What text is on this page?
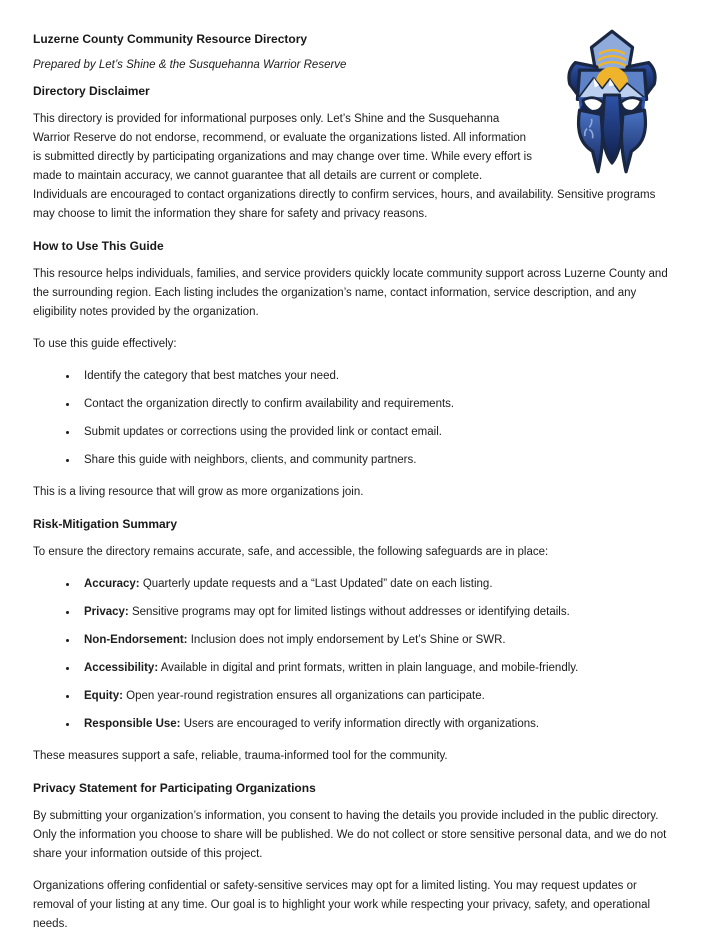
Luzerne County Community Resource Directory

Prepared by Let’s Shine & the Susquehanna Warrior Reserve

Directory Disclaimer

This directory is provided for informational purposes only. Let’s Shine and the Susquehanna Warrior Reserve do not endorse, recommend, or evaluate the organizations listed. All information is submitted directly by participating organizations and may change over time. While every effort is made to maintain accuracy, we cannot guarantee that all details are current or complete. Individuals are encouraged to contact organizations directly to confirm services, hours, and availability. Sensitive programs may choose to limit the information they share for safety and privacy reasons.

How to Use This Guide

This resource helps individuals, families, and service providers quickly locate community support across Luzerne County and the surrounding region. Each listing includes the organization’s name, contact information, service description, and any eligibility notes provided by the organization.

To use this guide effectively:

• Identify the category that best matches your need.
• Contact the organization directly to confirm availability and requirements.
• Submit updates or corrections using the provided link or contact email.
• Share this guide with neighbors, clients, and community partners.

This is a living resource that will grow as more organizations join.

Risk-Mitigation Summary

To ensure the directory remains accurate, safe, and accessible, the following safeguards are in place:

• Accuracy: Quarterly update requests and a “Last Updated” date on each listing.
• Privacy: Sensitive programs may opt for limited listings without addresses or identifying details.
• Non-Endorsement: Inclusion does not imply endorsement by Let’s Shine or SWR.
• Accessibility: Available in digital and print formats, written in plain language, and mobile-friendly.
• Equity: Open year-round registration ensures all organizations can participate.
• Responsible Use: Users are encouraged to verify information directly with organizations.

These measures support a safe, reliable, trauma-informed tool for the community.

Privacy Statement for Participating Organizations

By submitting your organization’s information, you consent to having the details you provide included in the public directory. Only the information you choose to share will be published. We do not collect or store sensitive personal data, and we do not share your information outside of this project.

Organizations offering confidential or safety-sensitive services may opt for a limited listing. You may request updates or removal of your listing at any time. Our goal is to highlight your work while respecting your privacy, safety, and operational needs.
